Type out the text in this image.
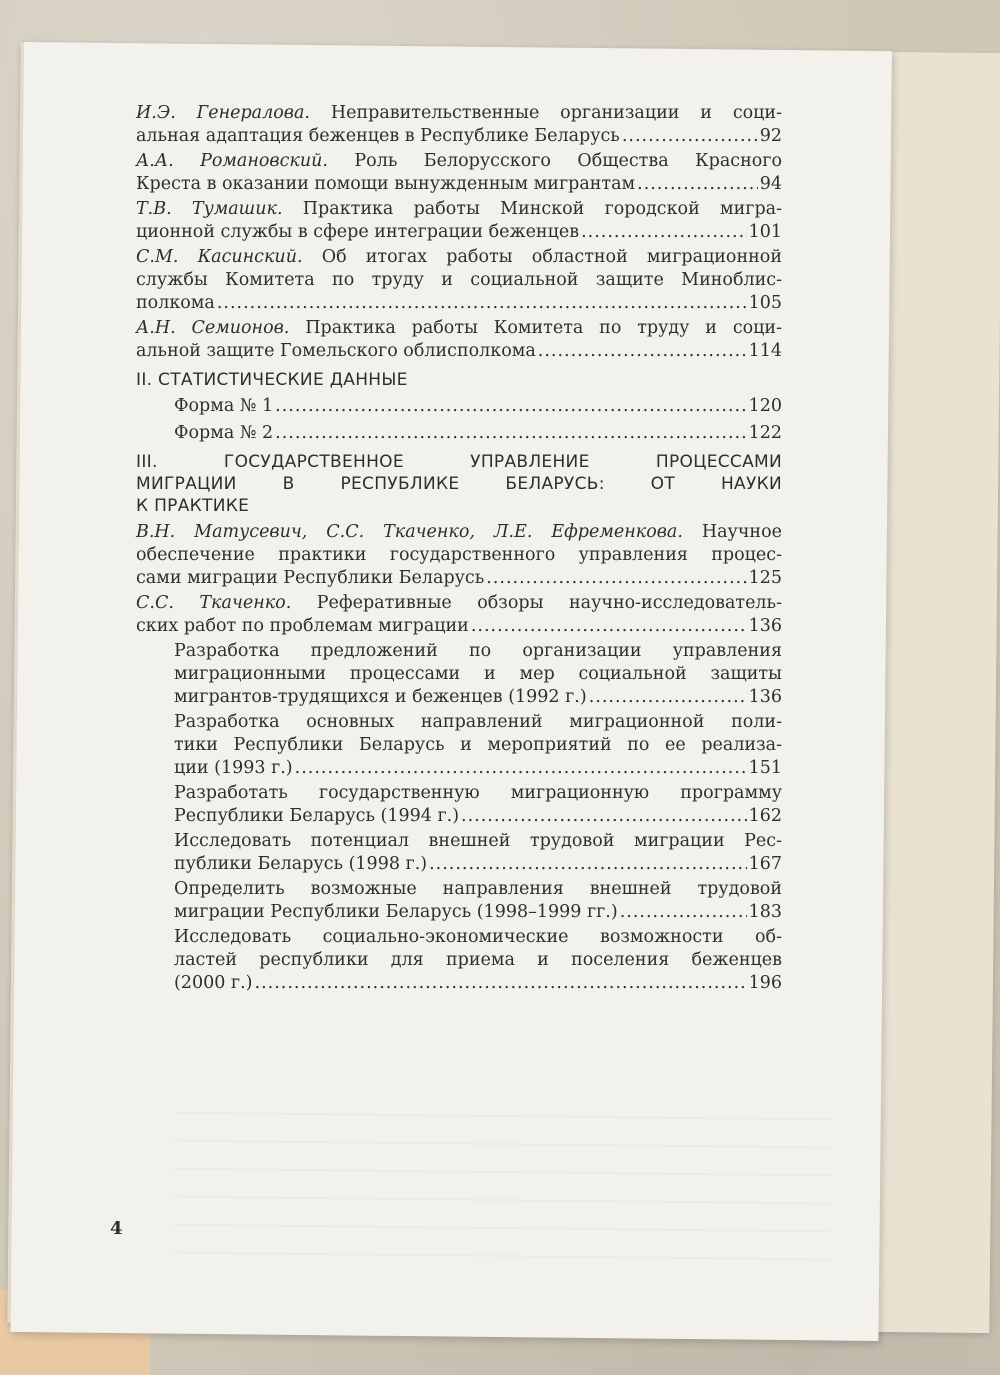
И.Э. Генералова. Неправительственные организации и соци-
альная адаптация беженцев в Республике Беларусь .....	92
А.А. Романовский. Роль Белорусского Общества Красного
Креста в оказании помощи вынужденным мигрантам .....	94
Т.В. Тумашик. Практика работы Минской городской мигра-
ционной службы в сфере интеграции беженцев .....	101
С.М. Касинский. Об итогах работы областной миграционной
службы Комитета по труду и социальной защите Миноблис-
полкома .....	105
А.Н. Семионов. Практика работы Комитета по труду и соци-
альной защите Гомельского облисполкома .....	114
II. СТАТИСТИЧЕСКИЕ ДАННЫЕ
Форма № 1 .....	120
Форма № 2 .....	122
III. ГОСУДАРСТВЕННОЕ УПРАВЛЕНИЕ ПРОЦЕССАМИ
МИГРАЦИИ В РЕСПУБЛИКЕ БЕЛАРУСЬ: ОТ НАУКИ
К ПРАКТИКЕ
В.Н. Матусевич, С.С. Ткаченко, Л.Е. Ефременкова. Научное
обеспечение практики государственного управления процес-
сами миграции Республики Беларусь .....	125
С.С. Ткаченко. Реферативные обзоры научно-исследователь-
ских работ по проблемам миграции .....	136
Разработка предложений по организации управления
миграционными процессами и мер социальной защиты
мигрантов-трудящихся и беженцев (1992 г.) .....	136
Разработка основных направлений миграционной поли-
тики Республики Беларусь и мероприятий по ее реализа-
ции (1993 г.) .....	151
Разработать государственную миграционную программу
Республики Беларусь (1994 г.) .....	162
Исследовать потенциал внешней трудовой миграции Рес-
публики Беларусь (1998 г.) .....	167
Определить возможные направления внешней трудовой
миграции Республики Беларусь (1998–1999 гг.) .....	183
Исследовать социально-экономические возможности об-
ластей республики для приема и поселения беженцев
(2000 г.) .....	196
4
